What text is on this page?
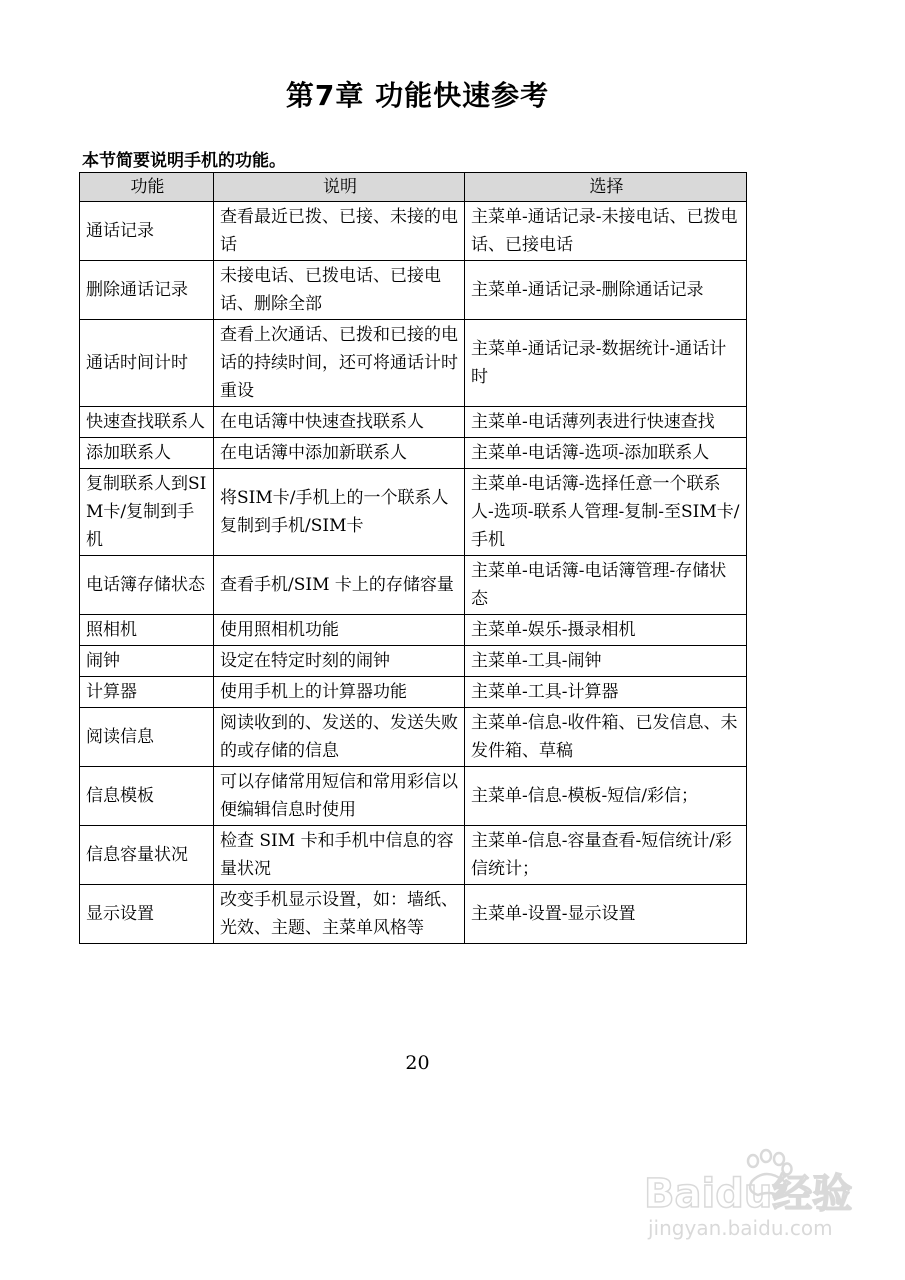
第7章 功能快速参考
本节简要说明手机的功能。
功能	说明	选择
通话记录	查看最近已拨、已接、未接的电话	主菜单-通话记录-未接电话、已拨电话、已接电话
删除通话记录	未接电话、已拨电话、已接电话、删除全部	主菜单-通话记录-删除通话记录
通话时间计时	查看上次通话、已拨和已接的电话的持续时间，还可将通话计时重设	主菜单-通话记录-数据统计-通话计时
快速查找联系人	在电话簿中快速查找联系人	主菜单-电话薄列表进行快速查找
添加联系人	在电话簿中添加新联系人	主菜单-电话簿-选项-添加联系人
复制联系人到SIM卡/复制到手机	将SIM卡/手机上的一个联系人复制到手机/SIM卡	主菜单-电话簿-选择任意一个联系人-选项-联系人管理-复制-至SIM卡/手机
电话簿存储状态	查看手机/SIM 卡上的存储容量	主菜单-电话簿-电话簿管理-存储状态
照相机	使用照相机功能	主菜单-娱乐-摄录相机
闹钟	设定在特定时刻的闹钟	主菜单-工具-闹钟
计算器	使用手机上的计算器功能	主菜单-工具-计算器
阅读信息	阅读收到的、发送的、发送失败的或存储的信息	主菜单-信息-收件箱、已发信息、未发件箱、草稿
信息模板	可以存储常用短信和常用彩信以便编辑信息时使用	主菜单-信息-模板-短信/彩信；
信息容量状况	检查 SIM 卡和手机中信息的容量状况	主菜单-信息-容量查看-短信统计/彩信统计；
显示设置	改变手机显示设置，如：墙纸、光效、主题、主菜单风格等	主菜单-设置-显示设置
20
Baidu经验
jingyan.baidu.com
